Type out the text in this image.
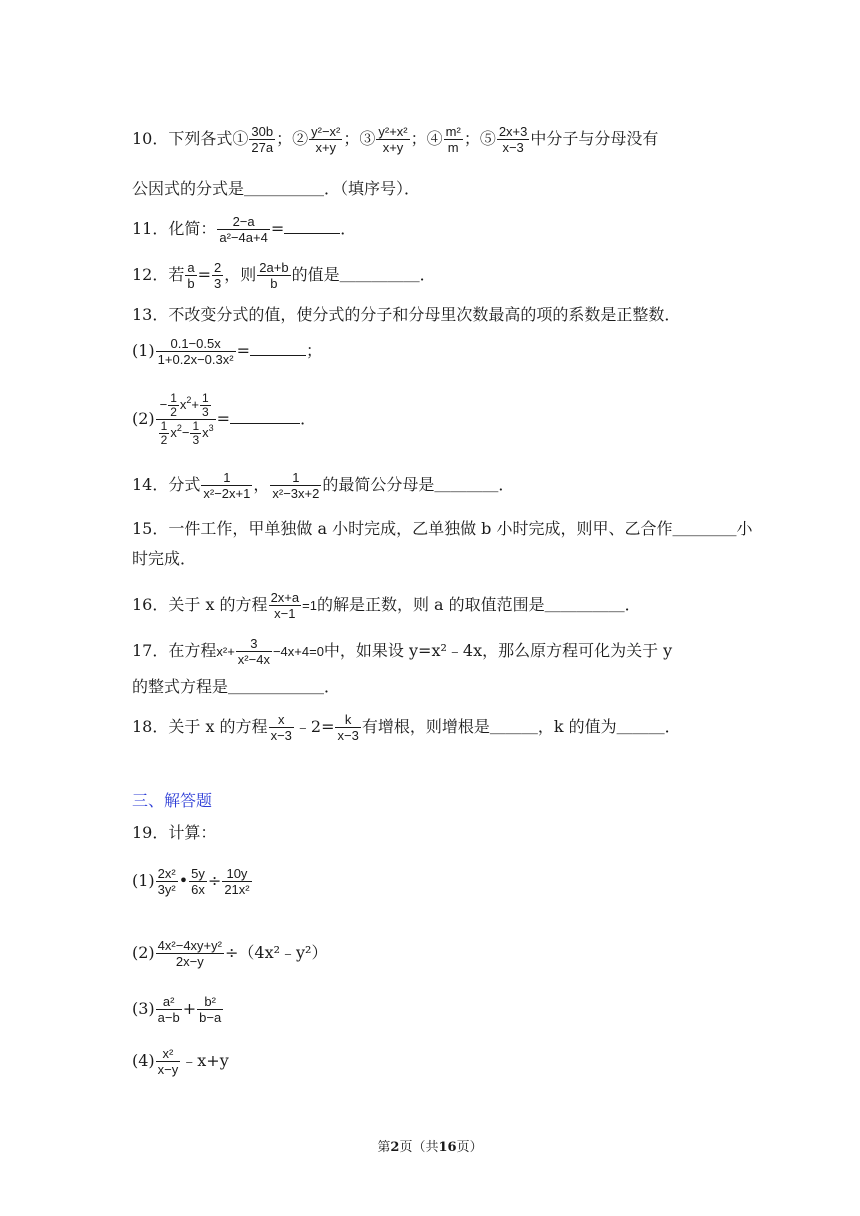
10．下列各式① $\frac{30b}{27a}$ ；② $\frac{\text{y²−x²}}{x+y}$ ；③ $\frac{\text{y²+x²}}{x+y}$ ；④ $\frac{\text{m²}}{m}$ ；⑤ $\frac{2x+3}{x-3}$ 中分子与分母没有
公因式的分式是＿＿＿＿＿．（填序号）．
11．化简： $\frac{2-a}{\text{a²−4a+4}}$ =	．
12．若 $\frac{a}{b} = \frac{2}{3}$ ，则 $\frac{2a+b}{b}$ 的值是＿＿＿＿＿．
13．不改变分式的值，使分式的分子和分母里次数最高的项的系数是正整数．
$(1) \frac{0.1-0.5x}{\text{1+0.2x−0.3x²}}$ =	；
$(2) \frac{- \frac{1}{2} x^2+ \frac{1}{3}}{\frac{1}{2} x^2- \frac{1}{3} x^3}$ =	．
14．分式 $\frac{1}{\text{x²−2x+1}}$ ， $\frac{1}{\text{x²−3x+2}}$ 的最简公分母是＿＿＿＿．
15．一件工作，甲单独做 a 小时完成，乙单独做 b 小时完成，则甲、乙合作＿＿＿＿小
时完成．
16．关于 x 的方程 $\frac{2x+a}{x-1} =1$的解是正数，则 a 的取值范围是＿＿＿＿＿．
17．在方程$x^2+ \frac{3}{\text{x²−4x}} -4x+4=0$中，如果设 y=x²﹣4x，那么原方程可化为关于 y
的整式方程是＿＿＿＿＿＿．
18．关于 x 的方程 $\frac{x}{x-3}$ ﹣2= $\frac{k}{x-3}$ 有增根，则增根是＿＿＿，k 的值为＿＿＿．
三、解答题
19．计算：
$(1) \frac{\text{2x²}}{\text{3y²}}$ • $\frac{5y}{6x} \div \frac{10y}{\text{21x²}}$
$(2) \frac{\text{4x²−4xy+y²}}{2x-y}$ ÷（4x²﹣y²）
$(3) \frac{\text{a²}}{a-b} + \frac{\text{b²}}{b-a}$
$(4) \frac{\text{x²}}{x-y}$ ﹣x+y
第2页（共16页）
